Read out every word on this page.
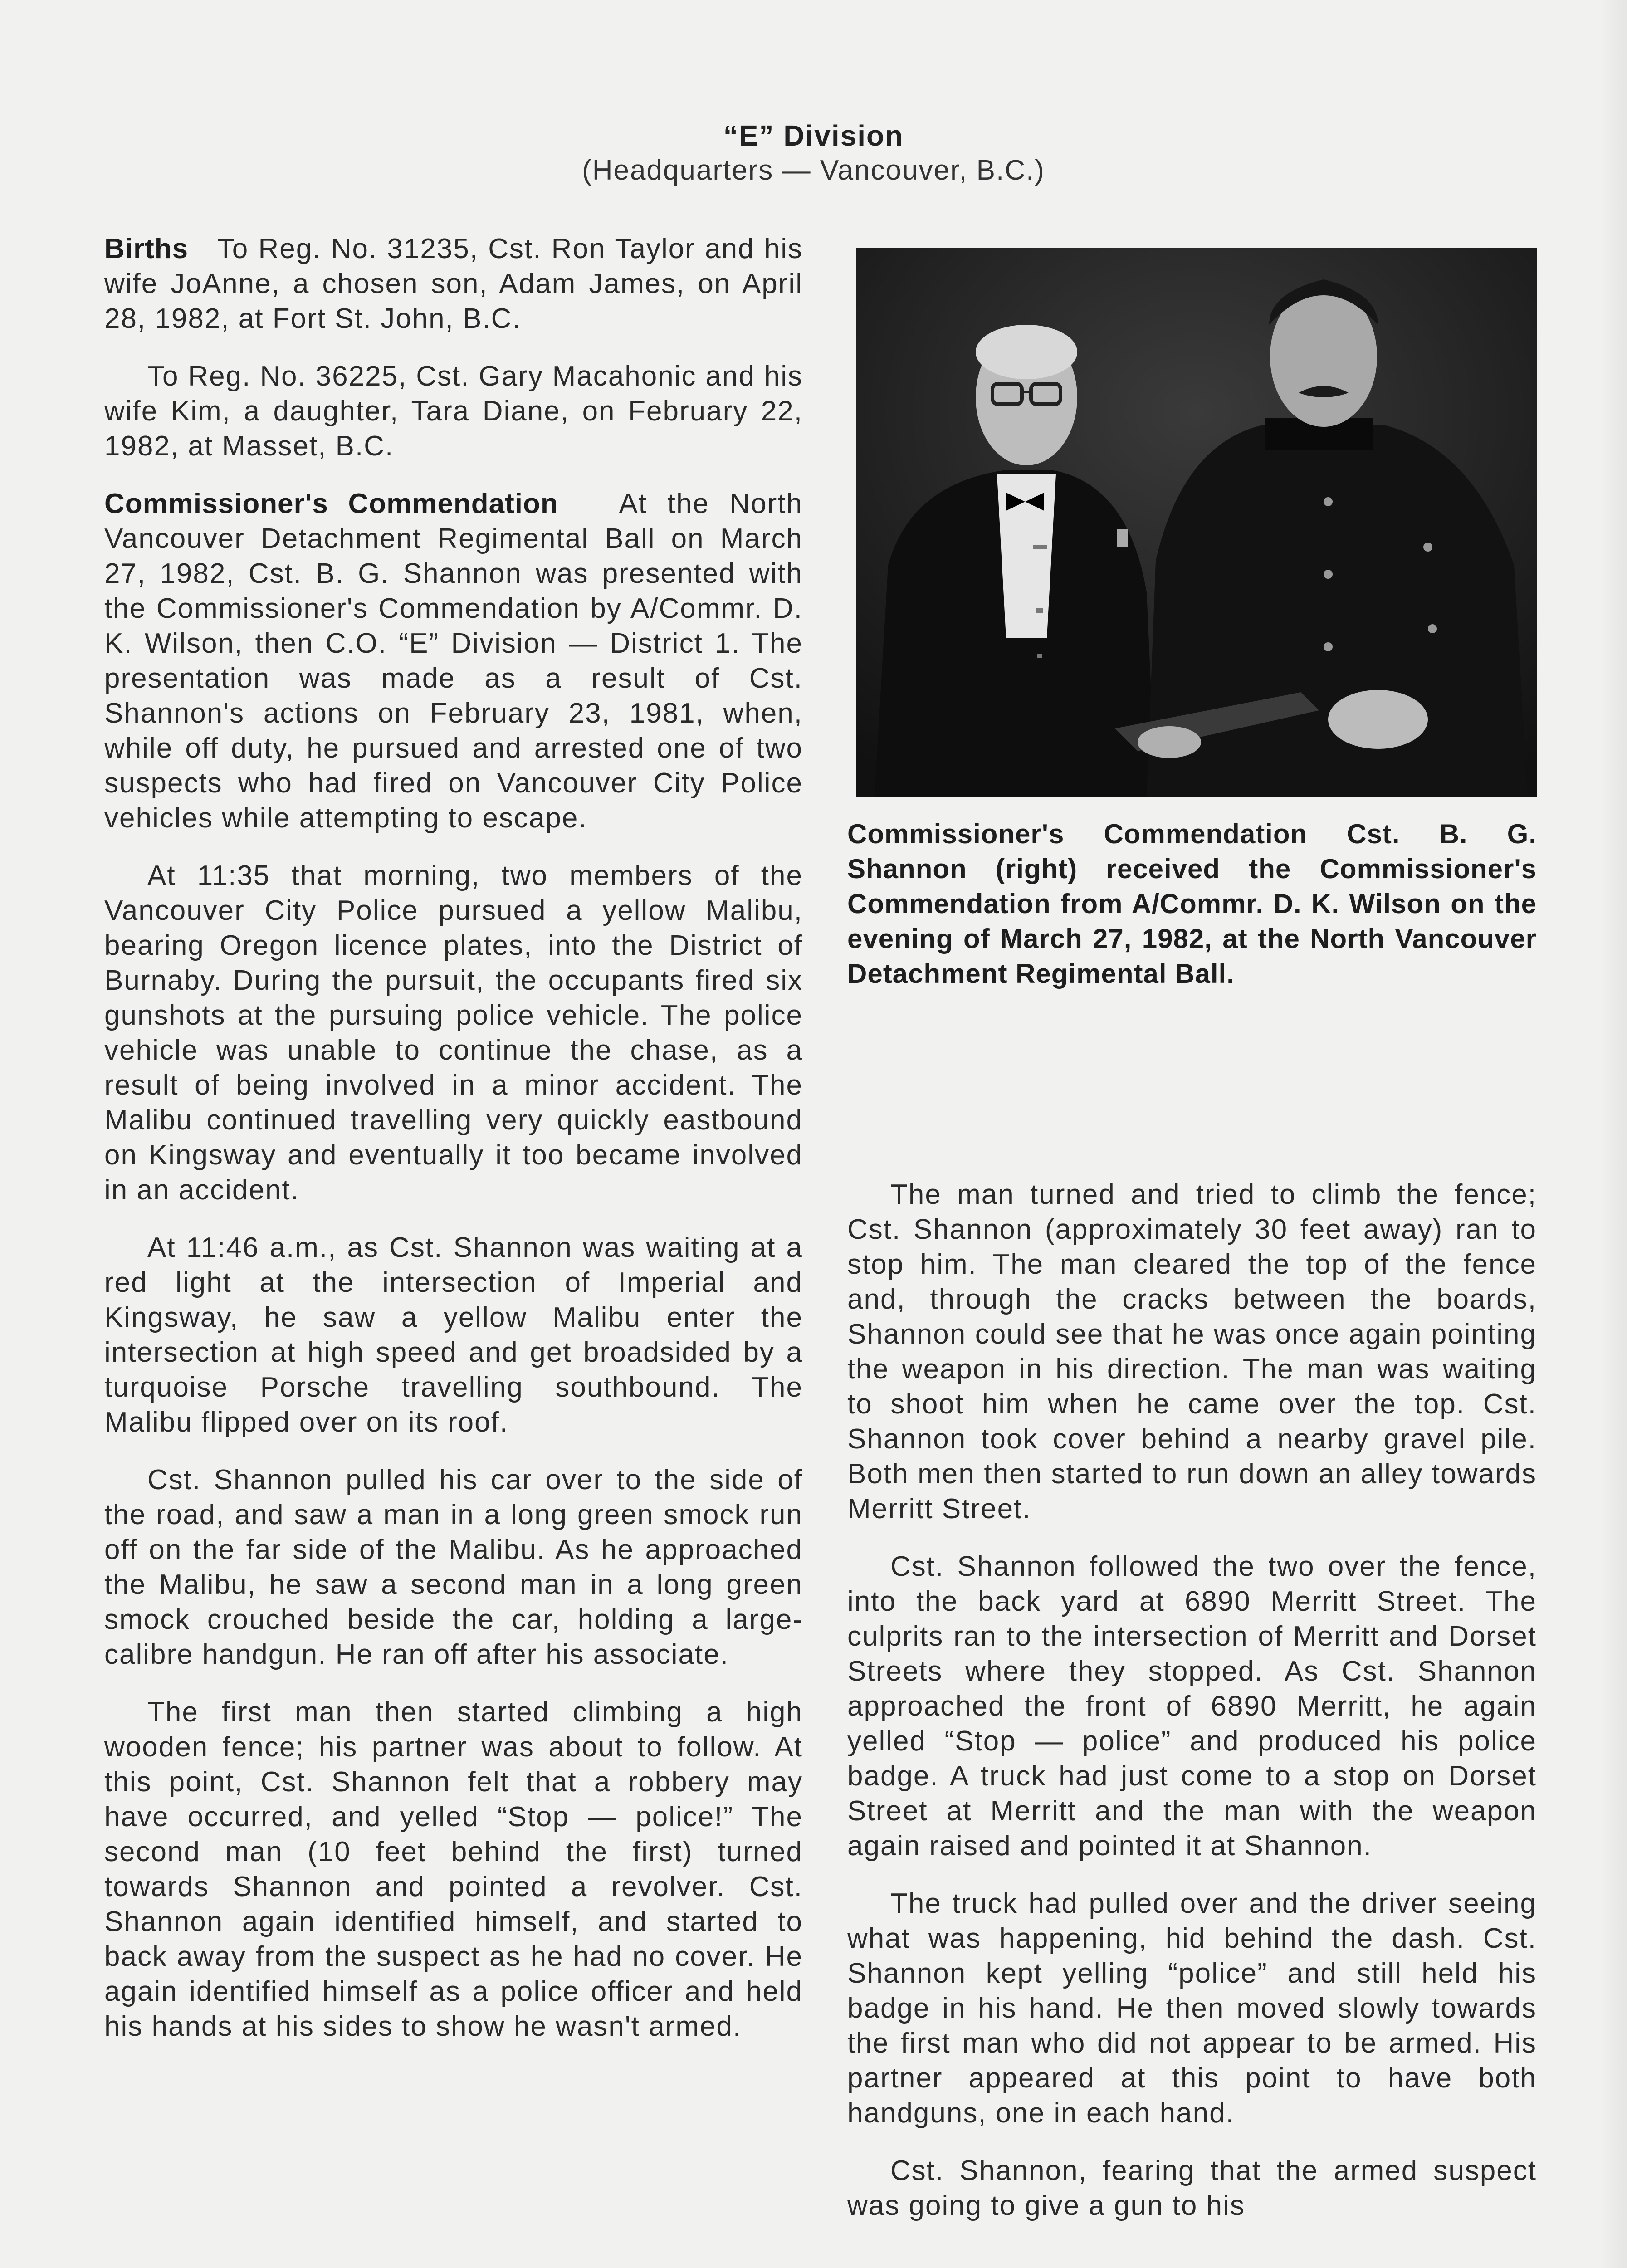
“E” Division
(Headquarters — Vancouver, B.C.)

Births To Reg. No. 31235, Cst. Ron Taylor and his wife JoAnne, a chosen son, Adam James, on April 28, 1982, at Fort St. John, B.C.

To Reg. No. 36225, Cst. Gary Macahonic and his wife Kim, a daughter, Tara Diane, on February 22, 1982, at Masset, B.C.

Commissioner's Commendation At the North Vancouver Detachment Regimental Ball on March 27, 1982, Cst. B. G. Shannon was presented with the Commissioner's Commendation by A/Commr. D. K. Wilson, then C.O. “E” Division — District 1. The presentation was made as a result of Cst. Shannon's actions on February 23, 1981, when, while off duty, he pursued and arrested one of two suspects who had fired on Vancouver City Police vehicles while attempting to escape.

At 11:35 that morning, two members of the Vancouver City Police pursued a yellow Malibu, bearing Oregon licence plates, into the District of Burnaby. During the pursuit, the occupants fired six gunshots at the pursuing police vehicle. The police vehicle was unable to continue the chase, as a result of being involved in a minor accident. The Malibu continued travelling very quickly eastbound on Kingsway and eventually it too became involved in an accident.

At 11:46 a.m., as Cst. Shannon was waiting at a red light at the intersection of Imperial and Kingsway, he saw a yellow Malibu enter the intersection at high speed and get broadsided by a turquoise Porsche travelling southbound. The Malibu flipped over on its roof.

Cst. Shannon pulled his car over to the side of the road, and saw a man in a long green smock run off on the far side of the Malibu. As he approached the Malibu, he saw a second man in a long green smock crouched beside the car, holding a large-calibre handgun. He ran off after his associate.

The first man then started climbing a high wooden fence; his partner was about to follow. At this point, Cst. Shannon felt that a robbery may have occurred, and yelled “Stop — police!” The second man (10 feet behind the first) turned towards Shannon and pointed a revolver. Cst. Shannon again identified himself, and started to back away from the suspect as he had no cover. He again identified himself as a police officer and held his hands at his sides to show he wasn't armed.

Commissioner's Commendation Cst. B. G. Shannon (right) received the Commissioner's Commendation from A/Commr. D. K. Wilson on the evening of March 27, 1982, at the North Vancouver Detachment Regimental Ball.

The man turned and tried to climb the fence; Cst. Shannon (approximately 30 feet away) ran to stop him. The man cleared the top of the fence and, through the cracks between the boards, Shannon could see that he was once again pointing the weapon in his direction. The man was waiting to shoot him when he came over the top. Cst. Shannon took cover behind a nearby gravel pile. Both men then started to run down an alley towards Merritt Street.

Cst. Shannon followed the two over the fence, into the back yard at 6890 Merritt Street. The culprits ran to the intersection of Merritt and Dorset Streets where they stopped. As Cst. Shannon approached the front of 6890 Merritt, he again yelled “Stop — police” and produced his police badge. A truck had just come to a stop on Dorset Street at Merritt and the man with the weapon again raised and pointed it at Shannon.

The truck had pulled over and the driver seeing what was happening, hid behind the dash. Cst. Shannon kept yelling “police” and still held his badge in his hand. He then moved slowly towards the first man who did not appear to be armed. His partner appeared at this point to have both handguns, one in each hand.

Cst. Shannon, fearing that the armed suspect was going to give a gun to his
